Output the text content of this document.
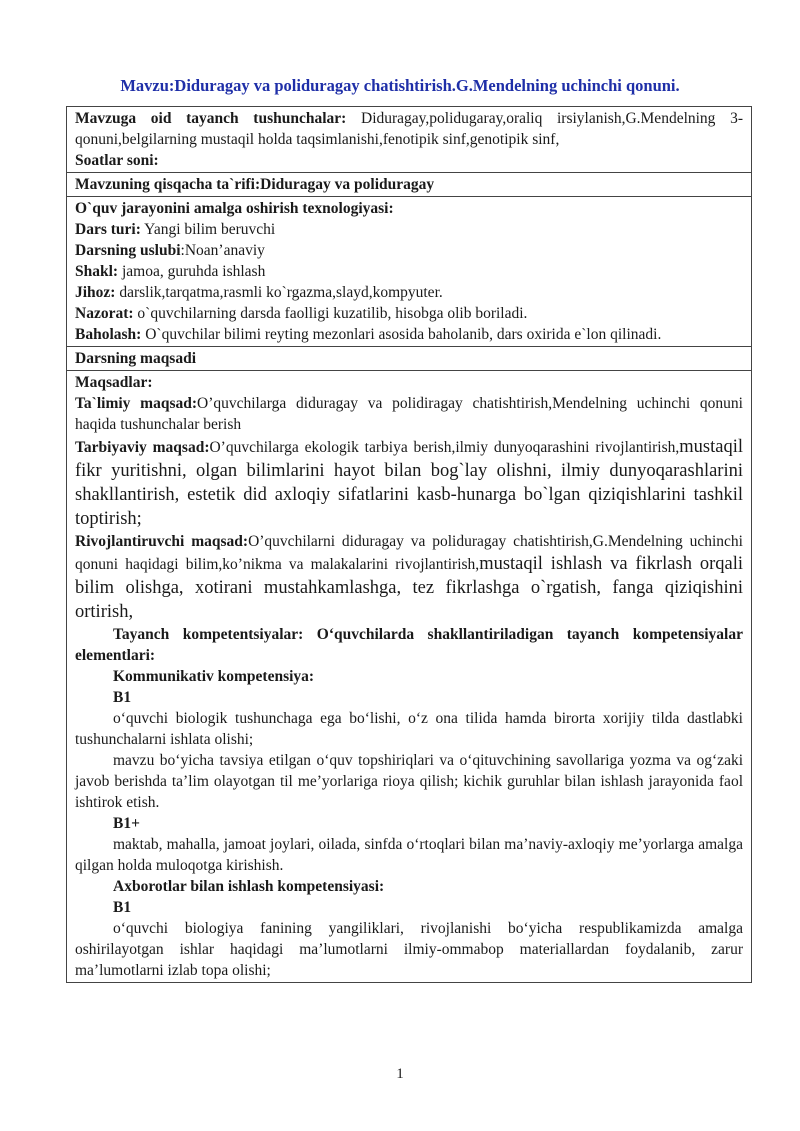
Mavzu:Diduragay va poliduragay chatishtirish.G.Mendelning uchinchi qonuni.

Mavzuga oid tayanch tushunchalar: Diduragay,polidugaray,oraliq irsiylanish,G.Mendelning 3-qonuni,belgilarning mustaqil holda taqsimlanishi,fenotipik sinf,genotipik sinf,

Soatlar soni:

Mavzuning qisqacha ta`rifi:Diduragay va poliduragay

O`quv jarayonini amalga oshirish texnologiyasi:

Dars turi: Yangi bilim beruvchi

Darsning uslubi:Noan’anaviy

Shakl: jamoa, guruhda ishlash

Jihoz: darslik,tarqatma,rasmli ko`rgazma,slayd,kompyuter.

Nazorat: o`quvchilarning darsda faolligi kuzatilib, hisobga olib boriladi.

Baholash: O`quvchilar bilimi reyting mezonlari asosida baholanib, dars oxirida e`lon qilinadi.

Darsning maqsadi

Maqsadlar:

Ta`limiy maqsad:O’quvchilarga diduragay va polidiragay chatishtirish,Mendelning uchinchi qonuni haqida tushunchalar berish

Tarbiyaviy maqsad:O’quvchilarga ekologik tarbiya berish,ilmiy dunyoqarashini rivojlantirish,mustaqil fikr yuritishni, olgan bilimlarini hayot bilan bog`lay olishni, ilmiy dunyoqarashlarini shakllantirish, estetik did axloqiy sifatlarini kasb-hunarga bo`lgan qiziqishlarini tashkil toptirish;

Rivojlantiruvchi maqsad:O’quvchilarni diduragay va poliduragay chatishtirish,G.Mendelning uchinchi qonuni haqidagi bilim,ko’nikma va malakalarini rivojlantirish,mustaqil ishlash va fikrlash orqali bilim olishga, xotirani mustahkamlashga, tez fikrlashga o`rgatish, fanga qiziqishini ortirish,

Tayanch kompetentsiyalar: O‘quvchilarda shakllantiriladigan tayanch kompetensiyalar elementlari:

Kommunikativ kompetensiya:

B1

o‘quvchi biologik tushunchaga ega bo‘lishi, o‘z ona tilida hamda birorta xorijiy tilda dastlabki tushunchalarni ishlata olishi;

mavzu bo‘yicha tavsiya etilgan o‘quv topshiriqlari va o‘qituvchining savollariga yozma va og‘zaki javob berishda ta’lim olayotgan til me’yorlariga rioya qilish; kichik guruhlar bilan ishlash jarayonida faol ishtirok etish.

B1+

maktab, mahalla, jamoat joylari, oilada, sinfda o‘rtoqlari bilan ma’naviy-axloqiy me’yorlarga amalga qilgan holda muloqotga kirishish.

Axborotlar bilan ishlash kompetensiyasi:

B1

o‘quvchi biologiya fanining yangiliklari, rivojlanishi bo‘yicha respublikamizda amalga oshirilayotgan ishlar haqidagi ma’lumotlarni ilmiy-ommabop materiallardan foydalanib, zarur ma’lumotlarni izlab topa olishi;

1
